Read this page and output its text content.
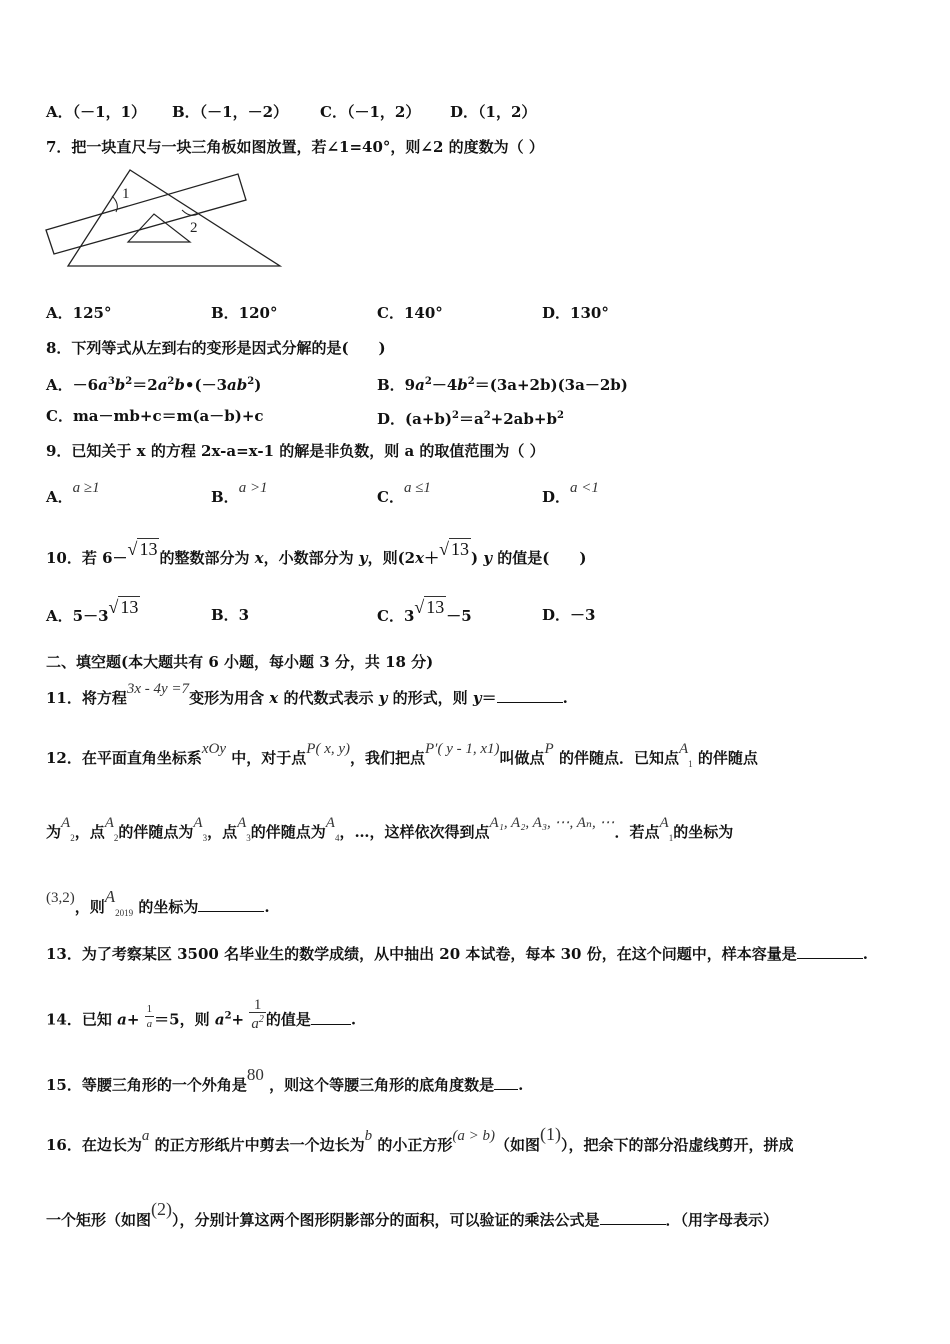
A．（－1，1） B．（－1，－2） C．（－1，2） D．（1，2）
7．把一块直尺与一块三角板如图放置，若∠1=40°，则∠2 的度数为（ ）
1
2
A．125°	B．120°	C．140°	D．130°
8．下列等式从左到右的变形是因式分解的是(　　)
A．$-6a^3b^2=2a^2b•(-3ab^2)$	B．$9a^2-4b^2=(3a+2b)(3a-2b)$
C．ma－mb+c＝m(a－b)+c	D．$(a+b)^2=a^2+2ab+b^2$
9．已知关于 x 的方程 2x-a=x-1 的解是非负数，则 a 的取值范围为（ ）
A．a ≥1	B．a >1	C．a ≤1	D．a <1
10．若 6－√ 13 的整数部分为 x，小数部分为 y，则(2x＋√ 13 ) y 的值是(　　)
A．5－3√ 13	B．3	C．3√ 13 －5	D．－3
二、填空题(本大题共有 6 小题，每小题 3 分，共 18 分)
11．将方程3x - 4y =7变形为用含 x 的代数式表示 y 的形式，则 y＝	.
12．在平面直角坐标系xOy 中，对于点P( x, y)，我们把点P′( y - 1, x1)叫做点P 的伴随点．已知点$A_1$ 的伴随点
为$A_2$，点$A_2$的伴随点为$A_3$，点$A_3$的伴随点为$A_4$，…，这样依次得到点A₁, A₂, A₃, ⋯, Aₙ, ⋯．若点$A_1$的坐标为
(3,2)，则$A_{2019}$ 的坐标为	.
13．为了考察某区 3500 名毕业生的数学成绩，从中抽出 20 本试卷，每本 30 份，在这个问题中，样本容量是	.
14．已知 $a+ \frac{1}{a} =5$，则 $a^2+ \frac{1}{a^2}$ 的值是	.
15．等腰三角形的一个外角是80 ，则这个等腰三角形的底角度数是 .
16．在边长为a 的正方形纸片中剪去一个边长为b 的小正方形(a > b)（如图(1)），把余下的部分沿虚线剪开，拼成
一个矩形（如图(2)），分别计算这两个图形阴影部分的面积，可以验证的乘法公式是	．（用字母表示）
